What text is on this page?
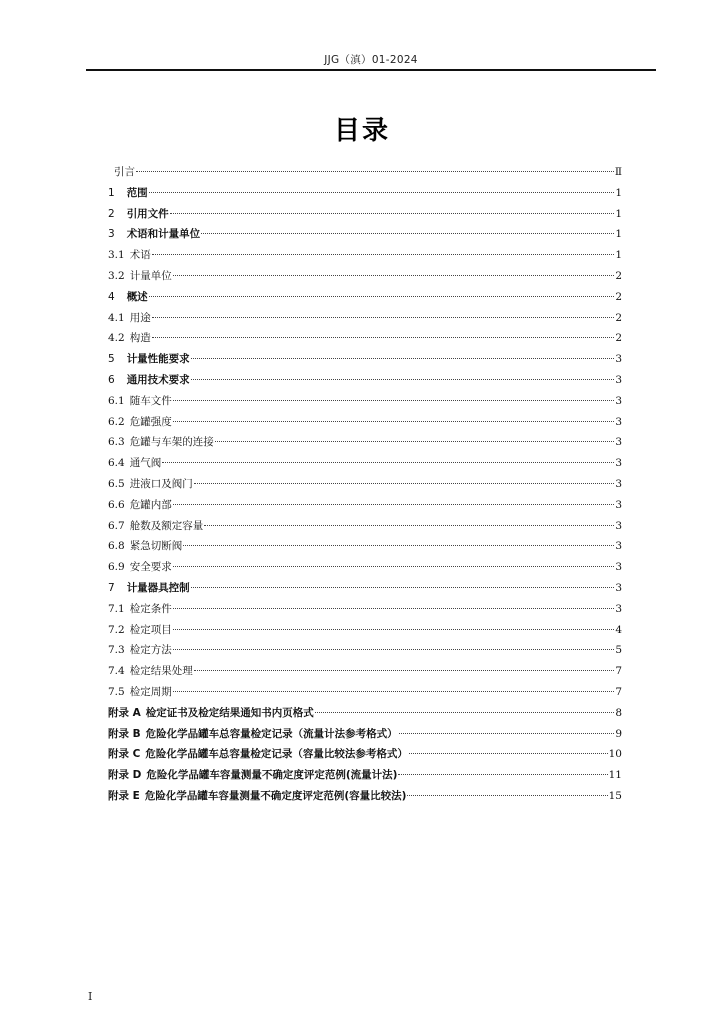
JJG（滇）01-2024
目录
引言	Ⅱ
1 范围	1
2 引用文件	1
3 术语和计量单位	1
3.1 术语	1
3.2 计量单位	2
4 概述	2
4.1 用途	2
4.2 构造	2
5 计量性能要求	3
6 通用技术要求	3
6.1 随车文件	3
6.2 危罐强度	3
6.3 危罐与车架的连接	3
6.4 通气阀	3
6.5 进液口及阀门	3
6.6 危罐内部	3
6.7 舱数及额定容量	3
6.8 紧急切断阀	3
6.9 安全要求	3
7 计量器具控制	3
7.1 检定条件	3
7.2 检定项目	4
7.3 检定方法	5
7.4 检定结果处理	7
7.5 检定周期	7
附录 A 检定证书及检定结果通知书内页格式	8
附录 B 危险化学品罐车总容量检定记录（流量计法参考格式）	9
附录 C 危险化学品罐车总容量检定记录（容量比较法参考格式）	10
附录 D 危险化学品罐车容量测量不确定度评定范例(流量计法)	11
附录 E 危险化学品罐车容量测量不确定度评定范例(容量比较法)	15
I
